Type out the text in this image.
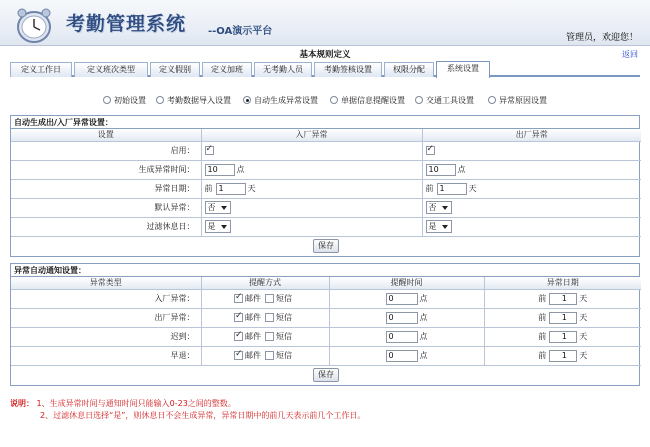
考勤管理系统 --OA演示平台
管理员，欢迎您！
返回
基本规则定义
定义工作日	定义班次类型	定义假别	定义加班	无考勤人员	考勤签核设置	权限分配	系统设置
初始设置	考勤数据导入设置	自动生成异常设置	单据信息提醒设置	交通工具设置	异常原因设置
自动生成出/入厂异常设置：
设置	入厂异常	出厂异常
启用：	✓	✓
生成异常时间：	10 点	10 点
异常日期：	前 1 天	前 1 天
默认异常：	否	否

过滤休息日：	是	是

保存		
异常自动通知设置：
异常类型	提醒方式	提醒时间	异常日期
入厂异常：	✓邮件 短信	0 点	前 1 天
出厂异常：	✓邮件 短信	0 点	前 1 天
迟到：	✓邮件 短信	0 点	前 1 天
早退：	✓邮件 短信	0 点	前 1 天
保存			
说明： 1、生成异常时间与通知时间只能输入0-23之间的整数。
2、过滤休息日选择“是”，则休息日不会生成异常，异常日期中的前几天表示前几个工作日。
